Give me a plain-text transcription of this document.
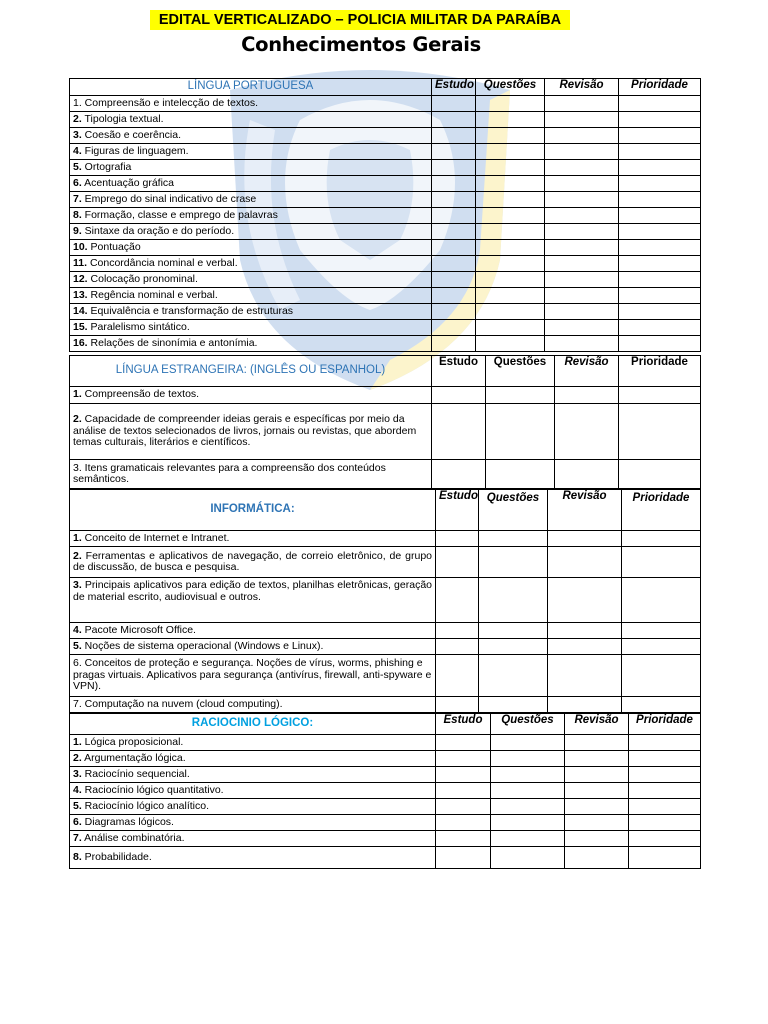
EDITAL VERTICALIZADO – POLICIA MILITAR DA PARAÍBA
Conhecimentos Gerais
LÍNGUA PORTUGUESA	Estudo	Questões	Revisão	Prioridade
1. Compreensão e intelecção de textos.				
2. Tipologia textual.				
3. Coesão e coerência.				
4. Figuras de linguagem.				
5. Ortografia				
6. Acentuação gráfica				
7. Emprego do sinal indicativo de crase				
8. Formação, classe e emprego de palavras				
9. Sintaxe da oração e do período.				
10. Pontuação				
11. Concordância nominal e verbal.				
12. Colocação pronominal.				
13. Regência nominal e verbal.				
14. Equivalência e transformação de estruturas				
15. Paralelismo sintático.				
16. Relações de sinonímia e antonímia.				
LÍNGUA ESTRANGEIRA: (INGLÊS OU ESPANHOL)	Estudo	Questões	Revisão	Prioridade
1. Compreensão de textos.				
2. Capacidade de compreender ideias gerais e específicas por meio da análise de textos selecionados de livros, jornais ou revistas, que abordem temas culturais, literários e científicos.				
3. Itens gramaticais relevantes para a compreensão dos conteúdos semânticos.				
INFORMÁTICA:	Estudo	Questões	Revisão	Prioridade
1. Conceito de Internet e Intranet.				
2. Ferramentas e aplicativos de navegação, de correio eletrônico, de grupo de discussão, de busca e pesquisa.				
3. Principais aplicativos para edição de textos, planilhas eletrônicas, geração de material escrito, audiovisual e outros.				
4. Pacote Microsoft Office.				
5. Noções de sistema operacional (Windows e Linux).				
6. Conceitos de proteção e segurança. Noções de vírus, worms, phishing e pragas virtuais. Aplicativos para segurança (antivírus, firewall, anti-spyware e VPN).				
7. Computação na nuvem (cloud computing).				
RACIOCINIO LÓGICO:	Estudo	Questões	Revisão	Prioridade
1. Lógica proposicional.				
2. Argumentação lógica.				
3. Raciocínio sequencial.				
4. Raciocínio lógico quantitativo.				
5. Raciocínio lógico analítico.				
6. Diagramas lógicos.				
7. Análise combinatória.				
8. Probabilidade.				
